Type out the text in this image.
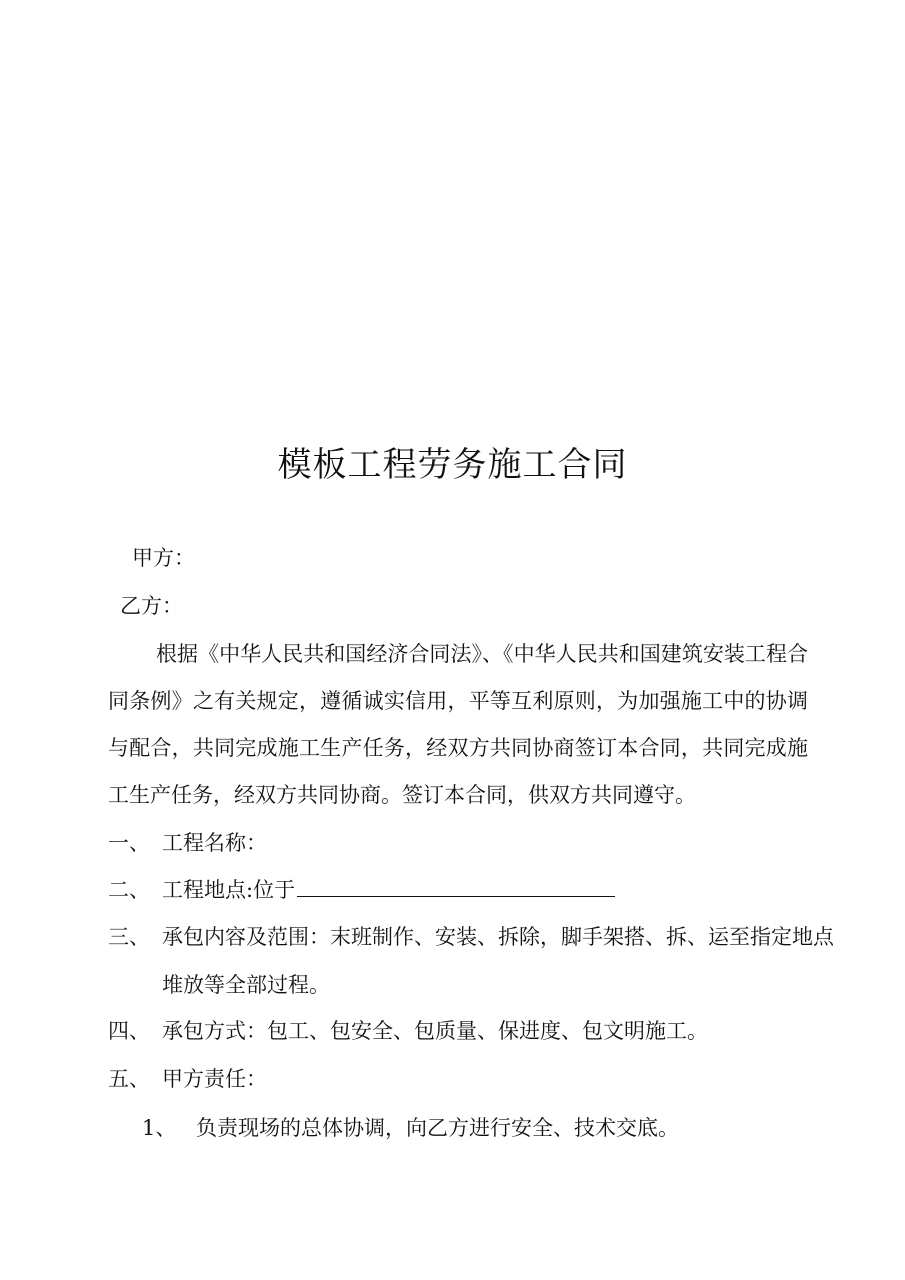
模板工程劳务施工合同
甲方：
乙方：
根据《中华人民共和国经济合同法》、《中华人民共和国建筑安装工程合同条例》之有关规定，遵循诚实信用，平等互利原则，为加强施工中的协调与配合，共同完成施工生产任务，经双方共同协商签订本合同，共同完成施工生产任务，经双方共同协商。签订本合同，供双方共同遵守。
一、 工程名称：
二、 工程地点:位于
三、 承包内容及范围：末班制作、安装、拆除，脚手架搭、拆、运至指定地点
堆放等全部过程。
四、 承包方式：包工、包安全、包质量、保进度、包文明施工。
五、 甲方责任：
1、 负责现场的总体协调，向乙方进行安全、技术交底。
